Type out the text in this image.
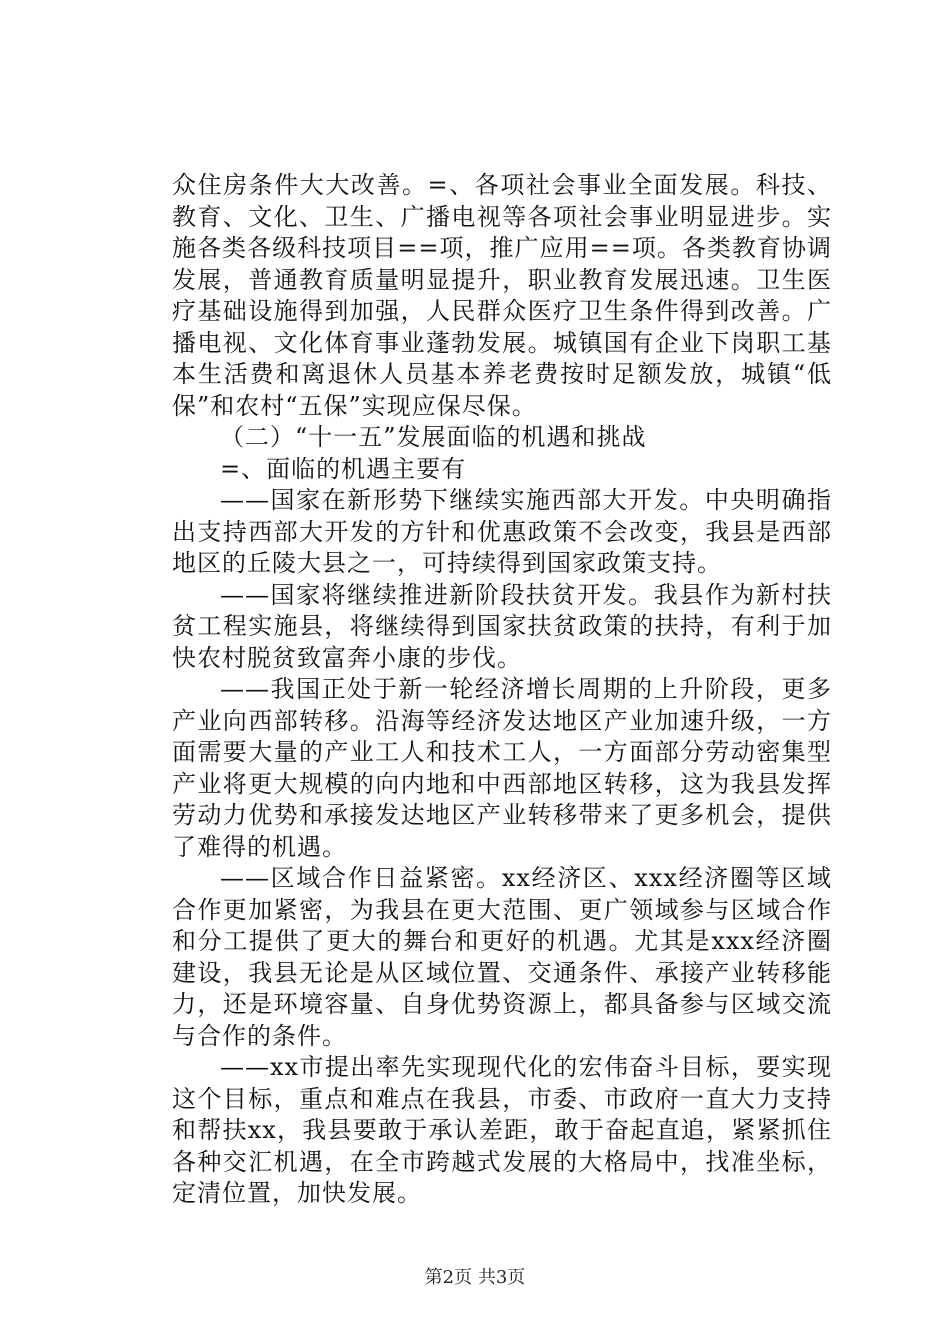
众住房条件大大改善。=、各项社会事业全面发展。科技、教育、文化、卫生、广播电视等各项社会事业明显进步。实施各类各级科技项目==项，推广应用==项。各类教育协调发展，普通教育质量明显提升，职业教育发展迅速。卫生医疗基础设施得到加强，人民群众医疗卫生条件得到改善。广播电视、文化体育事业蓬勃发展。城镇国有企业下岗职工基本生活费和离退休人员基本养老费按时足额发放，城镇“低保”和农村“五保”实现应保尽保。

（二）“十一五”发展面临的机遇和挑战

=、面临的机遇主要有

——国家在新形势下继续实施西部大开发。中央明确指出支持西部大开发的方针和优惠政策不会改变，我县是西部地区的丘陵大县之一，可持续得到国家政策支持。

——国家将继续推进新阶段扶贫开发。我县作为新村扶贫工程实施县，将继续得到国家扶贫政策的扶持，有利于加快农村脱贫致富奔小康的步伐。

——我国正处于新一轮经济增长周期的上升阶段，更多产业向西部转移。沿海等经济发达地区产业加速升级，一方面需要大量的产业工人和技术工人，一方面部分劳动密集型产业将更大规模的向内地和中西部地区转移，这为我县发挥劳动力优势和承接发达地区产业转移带来了更多机会，提供了难得的机遇。

——区域合作日益紧密。xx经济区、xxx经济圈等区域合作更加紧密，为我县在更大范围、更广领域参与区域合作和分工提供了更大的舞台和更好的机遇。尤其是xxx经济圈建设，我县无论是从区域位置、交通条件、承接产业转移能力，还是环境容量、自身优势资源上，都具备参与区域交流与合作的条件。

——xx市提出率先实现现代化的宏伟奋斗目标，要实现这个目标，重点和难点在我县，市委、市政府一直大力支持和帮扶xx，我县要敢于承认差距，敢于奋起直追，紧紧抓住各种交汇机遇，在全市跨越式发展的大格局中，找准坐标，定清位置，加快发展。

第2页 共3页
